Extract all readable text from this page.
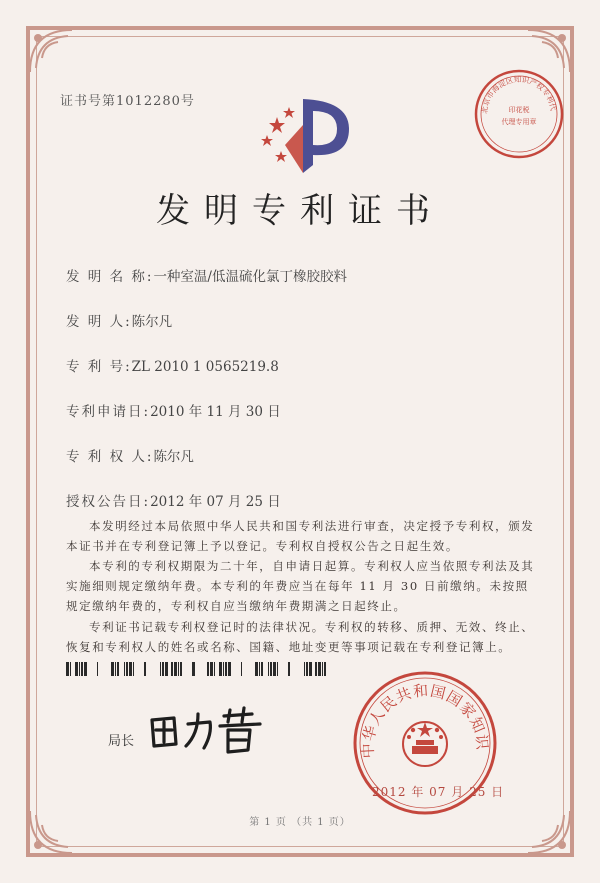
证书号第1012280号
北京市海淀区知识产权专利代
印花税
代理专用章
发明专利证书
发 明 名 称:一种室温/低温硫化氯丁橡胶胶料
发 明 人:陈尔凡
专 利 号:ZL 2010 1 0565219.8
专利申请日:2010 年 11 月 30 日
专 利 权 人:陈尔凡
授权公告日:2012 年 07 月 25 日

本发明经过本局依照中华人民共和国专利法进行审查，决定授予专利权，颁发本证书并在专利登记簿上予以登记。专利权自授权公告之日起生效。

本专利的专利权期限为二十年，自申请日起算。专利权人应当依照专利法及其实施细则规定缴纳年费。本专利的年费应当在每年 11 月 30 日前缴纳。未按照规定缴纳年费的，专利权自应当缴纳年费期满之日起终止。

专利证书记载专利权登记时的法律状况。专利权的转移、质押、无效、终止、恢复和专利权人的姓名或名称、国籍、地址变更等事项记载在专利登记簿上。

局长
中华人民共和国国家知识
2012 年 07 月 25 日
第 1 页 （共 1 页）
